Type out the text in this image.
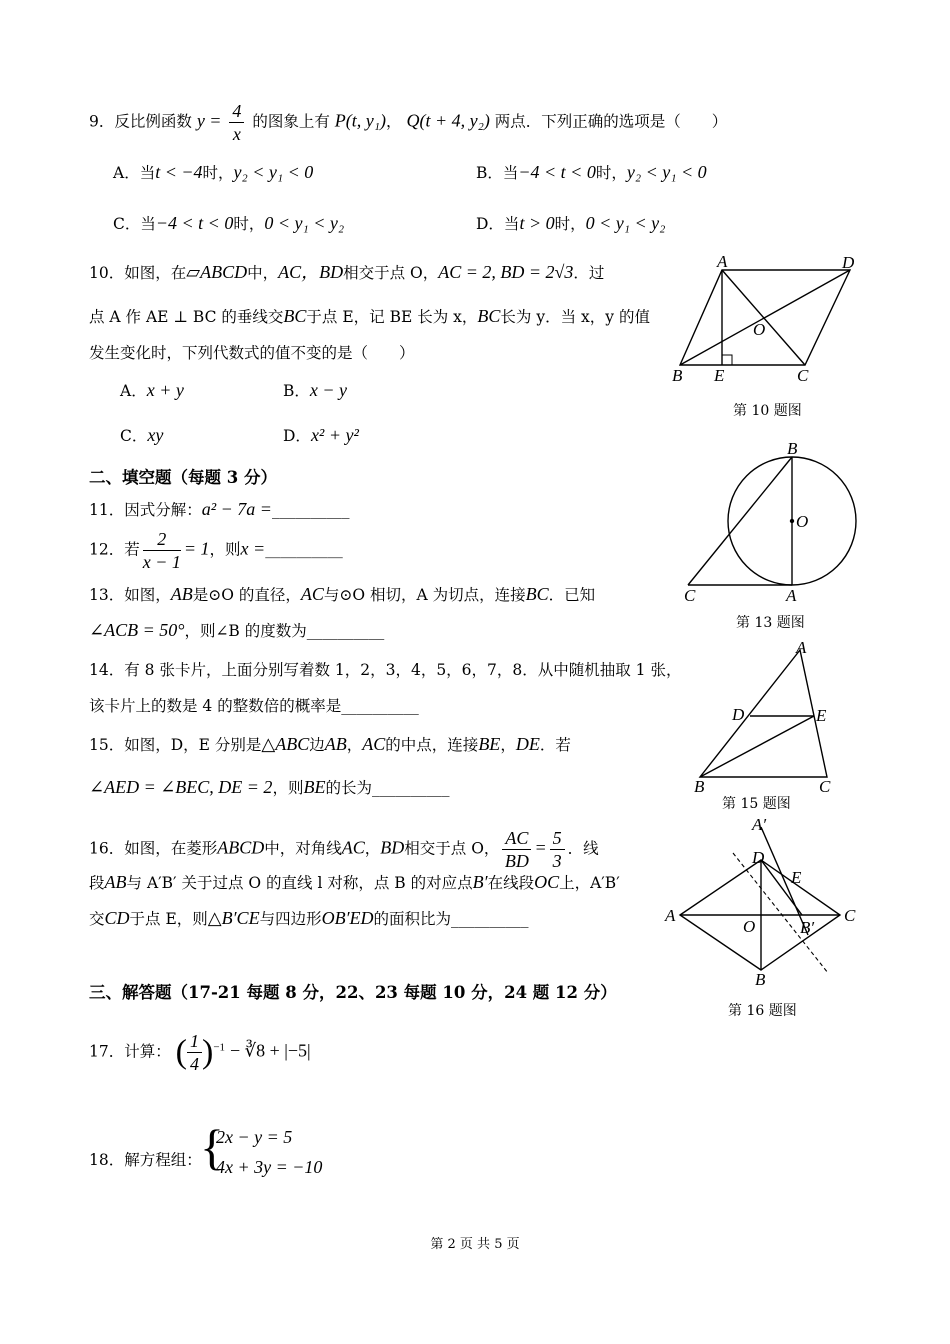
9．反比例函数 $y = \frac{4}{x}$ 的图象上有 P(t, y₁)， Q(t + 4, y₂) 两点．下列正确的选项是（　　）
A．当t < −4时，y₂ < y₁ < 0	B．当−4 < t < 0时，y₂ < y₁ < 0
C．当−4 < t < 0时，0 < y₁ < y₂	D．当t > 0时，0 < y₁ < y₂
10．如图，在▱ABCD中，AC，BD相交于点 O，AC = 2, BD = 2√3．过
点 A 作 AE ⊥ BC 的垂线交BC于点 E，记 BE 长为 x，BC长为 y．当 x，y 的值
发生变化时，下列代数式的值不变的是（　　）
A．x + y	B．x − y
C．xy	D．x² + y²
A	D
B E	C
O
第 10 题图
二、填空题（每题 3 分）
11．因式分解：a² − 7a =__________
12．若 $\frac{2}{x - 1} = 1$，则x =__________
13．如图，AB是⊙O 的直径，AC与⊙O 相切，A 为切点，连接BC．已知
∠ACB = 50°，则∠B 的度数为__________
B
O
C	A
第 13 题图
14．有 8 张卡片，上面分别写着数 1，2，3，4，5，6，7，8．从中随机抽取 1 张，
该卡片上的数是 4 的整数倍的概率是__________
A
D	E
B	C
第 15 题图
15．如图，D，E 分别是△ABC边AB，AC的中点，连接BE，DE．若
∠AED = ∠BEC, DE = 2，则BE的长为__________
16．如图，在菱形ABCD中，对角线AC，BD相交于点 O， $\frac{AC}{BD} = \frac{5}{3}$ ．线
段AB与 A′B′ 关于过点 O 的直线 l 对称，点 B 的对应点B′在线段OC上，A′B′
交CD于点 E，则△B′CE与四边形OB′ED的面积比为__________
A′
D
E
A	C
O	B′
B
第 16 题图
三、解答题（17-21 每题 8 分，22、23 每题 10 分，24 题 12 分）
17．计算： ( $\frac{1}{4} )^{-1}$ − ∛8 + |−5|
18．解方程组：
{
2x − y = 5
4x + 3y = −10
第 2 页 共 5 页
